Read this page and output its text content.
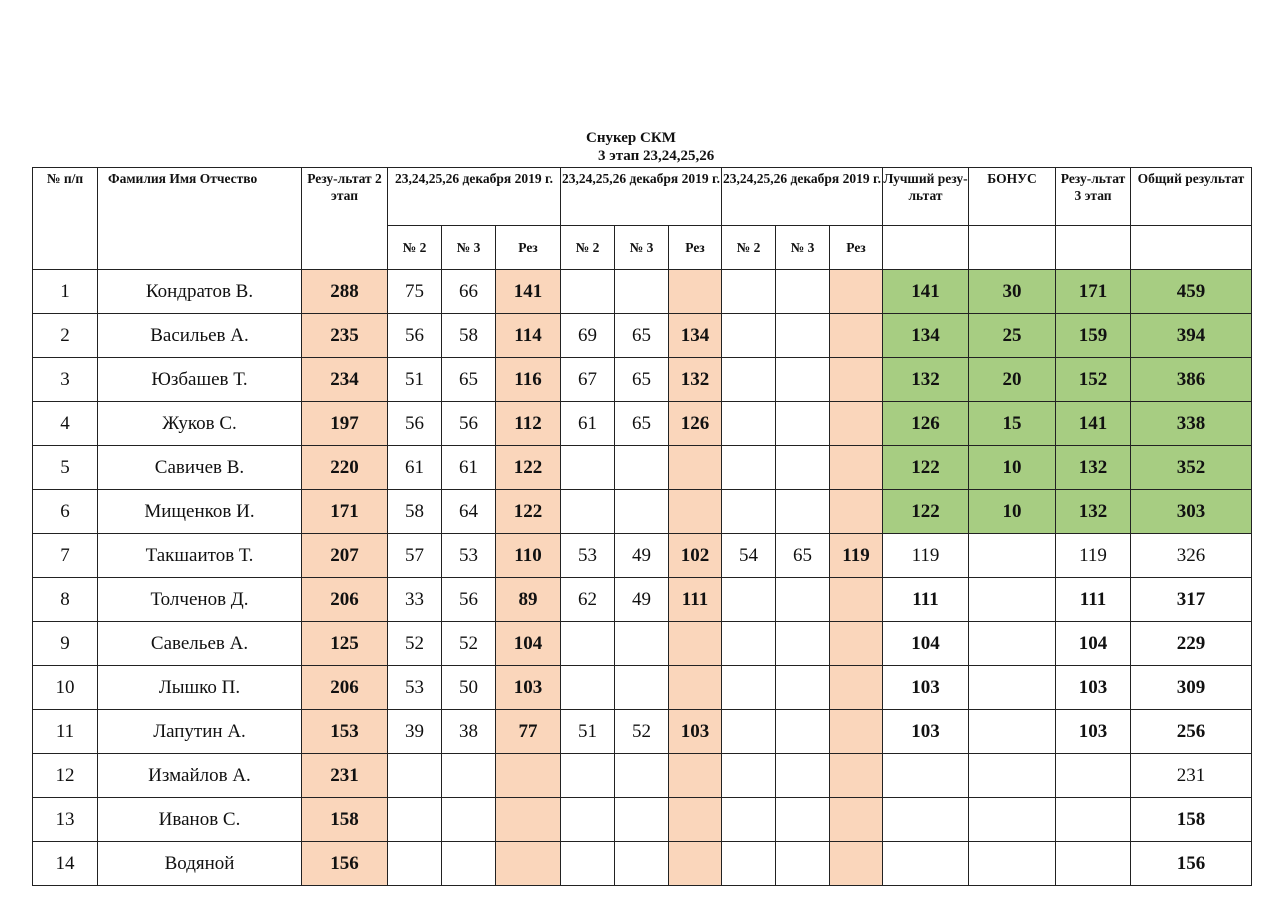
Снукер СКМ
3 этап 23,24,25,26
№ п/п	Фамилия Имя Отчество	Резу-льтат 2 этап	23,24,25,26 декабря 2019 г.			23,24,25,26 декабря 2019 г.			23,24,25,26 декабря 2019 г.			Лучший резу-льтат	БОНУС	Резу-льтат 3 этап	Общий результат
			№ 2	№ 3	Рез	№ 2	№ 3	Рез	№ 2	№ 3	Рез				
1	Кондратов В.	288	75	66	141							141	30	171	459
2	Васильев А.	235	56	58	114	69	65	134				134	25	159	394
3	Юзбашев Т.	234	51	65	116	67	65	132				132	20	152	386
4	Жуков С.	197	56	56	112	61	65	126				126	15	141	338
5	Савичев В.	220	61	61	122							122	10	132	352
6	Мищенков И.	171	58	64	122							122	10	132	303
7	Такшаитов Т.	207	57	53	110	53	49	102	54	65	119	119		119	326
8	Толченов Д.	206	33	56	89	62	49	111				111		111	317
9	Савельев А.	125	52	52	104							104		104	229
10	Лышко П.	206	53	50	103							103		103	309
11	Лапутин А.	153	39	38	77	51	52	103				103		103	256
12	Измайлов А.	231													231
13	Иванов С.	158													158
14	Водяной	156													156
